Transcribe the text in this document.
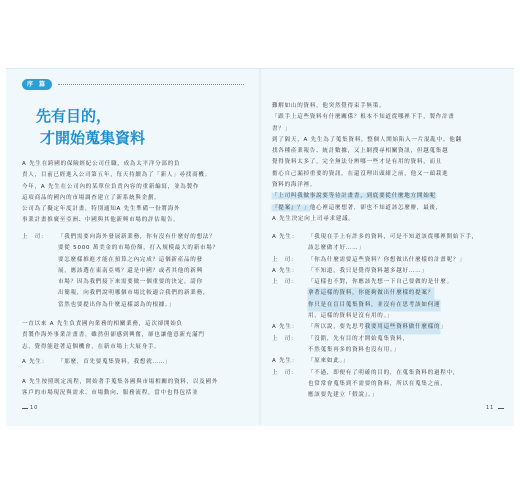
序 篇
先有目的，
才開始蒐集資料
A 先生在跨國的保險經紀公司任職，成為太平洋分部的負
責人，目前已經進入公司第五年，每天持續為了「新人」尋找商機。
今年，A 先生在公司內的某單位負責內容的重新編寫，並為製作
這項商品的國內的市場調查建立了新系統與企劃。
公司為了擬定年度計畫，特別通知A 先生準備一份將海外
事業計畫推廣至亞洲、中國與其他新興市場的評估報告。
上　司：	「我們需要向海外發展新業務，你有沒有什麼好的想法？
要從 5000 萬美金的市場份額，打入規模最大的新市場？
要怎麼樣推進才能在預算之內完成？這個新產品的發
展，應該選在東南亞嗎？還是中國？或者其他的新興
市場？因為我們接下來需要做一個重要的決定，請你
出簡報，向我們說明哪個市場比較適合我們的新業務，
當然也要提出你為什麼這樣認為的根據。」
一直以來 A 先生負責國內業務的相關業務，這次卻開始負
責製作海外事業計畫書，雖然但卻感到興奮，卻也讓他意新充滿門
志，覺得能趁著這個機會，在新市場上大展身手。
A 先生：	「那麼，首先要蒐集資料，我想就……」
A 先生按照既定流程，開始著手蒐集各國與市場相關的資料，以及國外
客戶的市場現況與需求、市場動向、服務流程，當中也得包括並
10
難解如山的資料，他突然覺得束手無策。
「跟手上這些資料有什麼關係？根本不知道從哪裡下手，製作計畫
書？」
到了隔天，A 先生為了蒐集資料，整個人開始陷入一片混亂中。他翻
找各種產業報告、統計數據，又上網搜尋相關資訊，但越蒐集越
覺得資料太多了，完全無法分辨哪一些才是有用的資料，而且
擔心自己漏掉重要的資訊。在還沒理出頭緒之前，他又一頭栽進
資料的海洋裡。
「上司叫我做事說要等待計畫書，到底要從什麼地方開始呢
『提案』？」他心裡這麼想著，卻也不知道該怎麼辦，最後，
A 先生決定向上司尋求建議。
A 先生：	「我現在手上有許多的資料，可是不知道該從哪裡開始下手，
該怎麼做才好……」
上　司：	「你為什麼需要這些資料？你想做出什麼樣的計畫呢？」
A 先生：	「不知道，我只是覺得資料越多越好……」
上　司：	「這樣也不對，你應該先想一下自己要做的是什麼。
拿著這樣的資料，你能夠做出什麼樣的提案？
你只是在盲目蒐集資料，並沒有在思考該如何運
用，這樣的資料是沒有用的。」
A 先生：	「所以說，要先思考 我要用這些資料做什麼樣的 」
上　司：	「沒錯，先有目的才開始蒐集資料，
不然蒐集再多的資料也沒有用。」
A 先生：	「原來如此。」
上　司：	「不過，即便有了明確的目的，在蒐集資料的過程中，
也常常會蒐集到不需要的資料，所以在蒐集之前，
應該要先建立『假說』。」
11
